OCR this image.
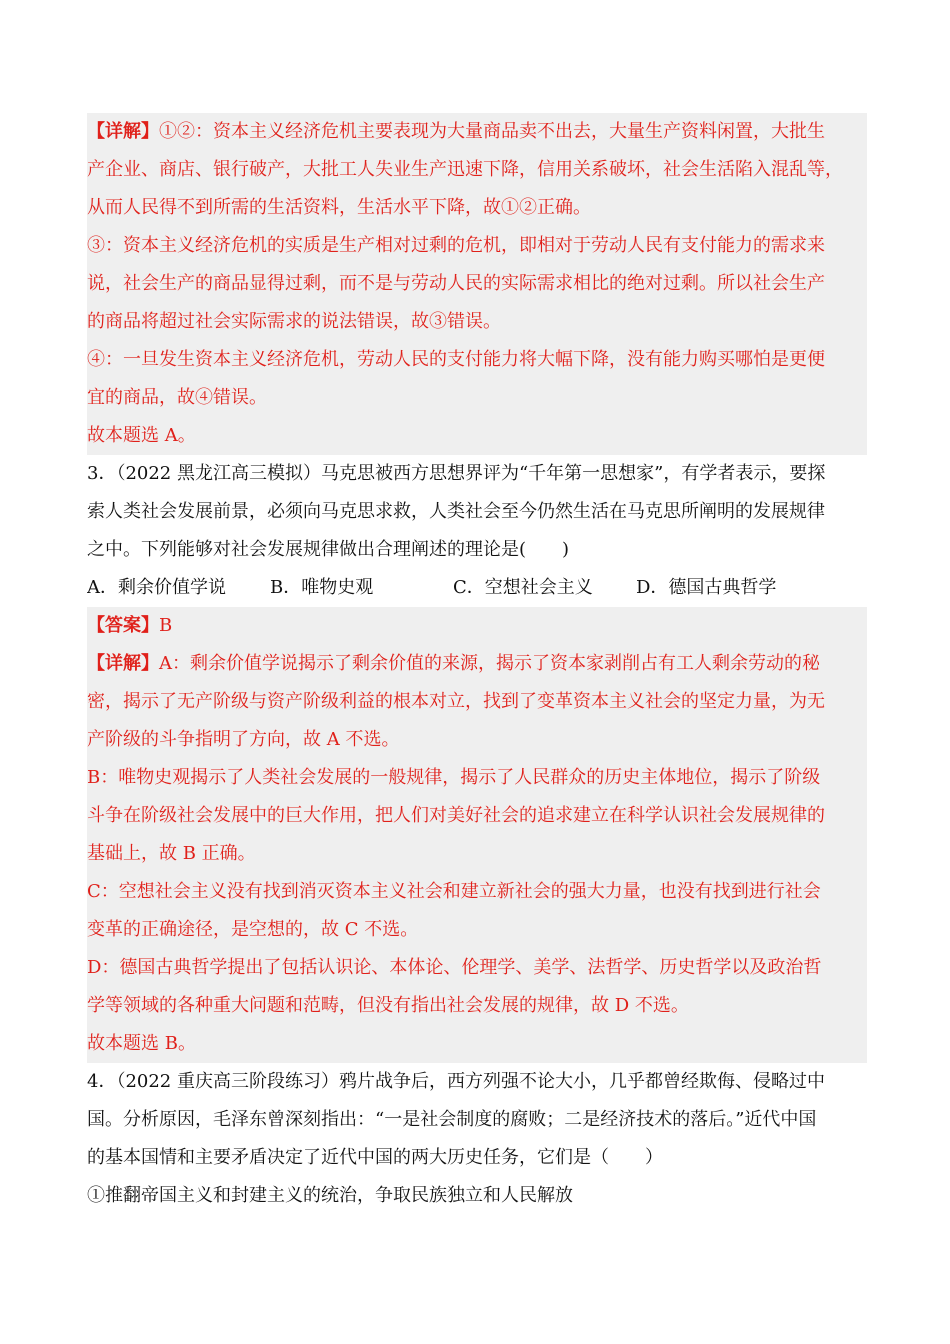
【详解】①②：资本主义经济危机主要表现为大量商品卖不出去，大量生产资料闲置，大批生
产企业、商店、银行破产，大批工人失业生产迅速下降，信用关系破坏，社会生活陷入混乱等，
从而人民得不到所需的生活资料，生活水平下降，故①②正确。
③：资本主义经济危机的实质是生产相对过剩的危机，即相对于劳动人民有支付能力的需求来
说，社会生产的商品显得过剩，而不是与劳动人民的实际需求相比的绝对过剩。所以社会生产
的商品将超过社会实际需求的说法错误，故③错误。
④：一旦发生资本主义经济危机，劳动人民的支付能力将大幅下降，没有能力购买哪怕是更便
宜的商品，故④错误。
故本题选 A。
3．（2022 黑龙江高三模拟）马克思被西方思想界评为“千年第一思想家”，有学者表示，要探
索人类社会发展前景，必须向马克思求救，人类社会至今仍然生活在马克思所阐明的发展规律
之中。下列能够对社会发展规律做出合理阐述的理论是(　　)
A．剩余价值学说	B．唯物史观	C．空想社会主义	D．德国古典哲学
【答案】B
【详解】A：剩余价值学说揭示了剩余价值的来源，揭示了资本家剥削占有工人剩余劳动的秘
密，揭示了无产阶级与资产阶级利益的根本对立，找到了变革资本主义社会的坚定力量，为无
产阶级的斗争指明了方向，故 A 不选。
B：唯物史观揭示了人类社会发展的一般规律，揭示了人民群众的历史主体地位，揭示了阶级
斗争在阶级社会发展中的巨大作用，把人们对美好社会的追求建立在科学认识社会发展规律的
基础上，故 B 正确。
C：空想社会主义没有找到消灭资本主义社会和建立新社会的强大力量，也没有找到进行社会
变革的正确途径，是空想的，故 C 不选。
D：德国古典哲学提出了包括认识论、本体论、伦理学、美学、法哲学、历史哲学以及政治哲
学等领域的各种重大问题和范畴，但没有指出社会发展的规律，故 D 不选。
故本题选 B。
4．（2022 重庆高三阶段练习）鸦片战争后，西方列强不论大小，几乎都曾经欺侮、侵略过中
国。分析原因，毛泽东曾深刻指出：“一是社会制度的腐败；二是经济技术的落后。”近代中国
的基本国情和主要矛盾决定了近代中国的两大历史任务，它们是（　　）
①推翻帝国主义和封建主义的统治，争取民族独立和人民解放
